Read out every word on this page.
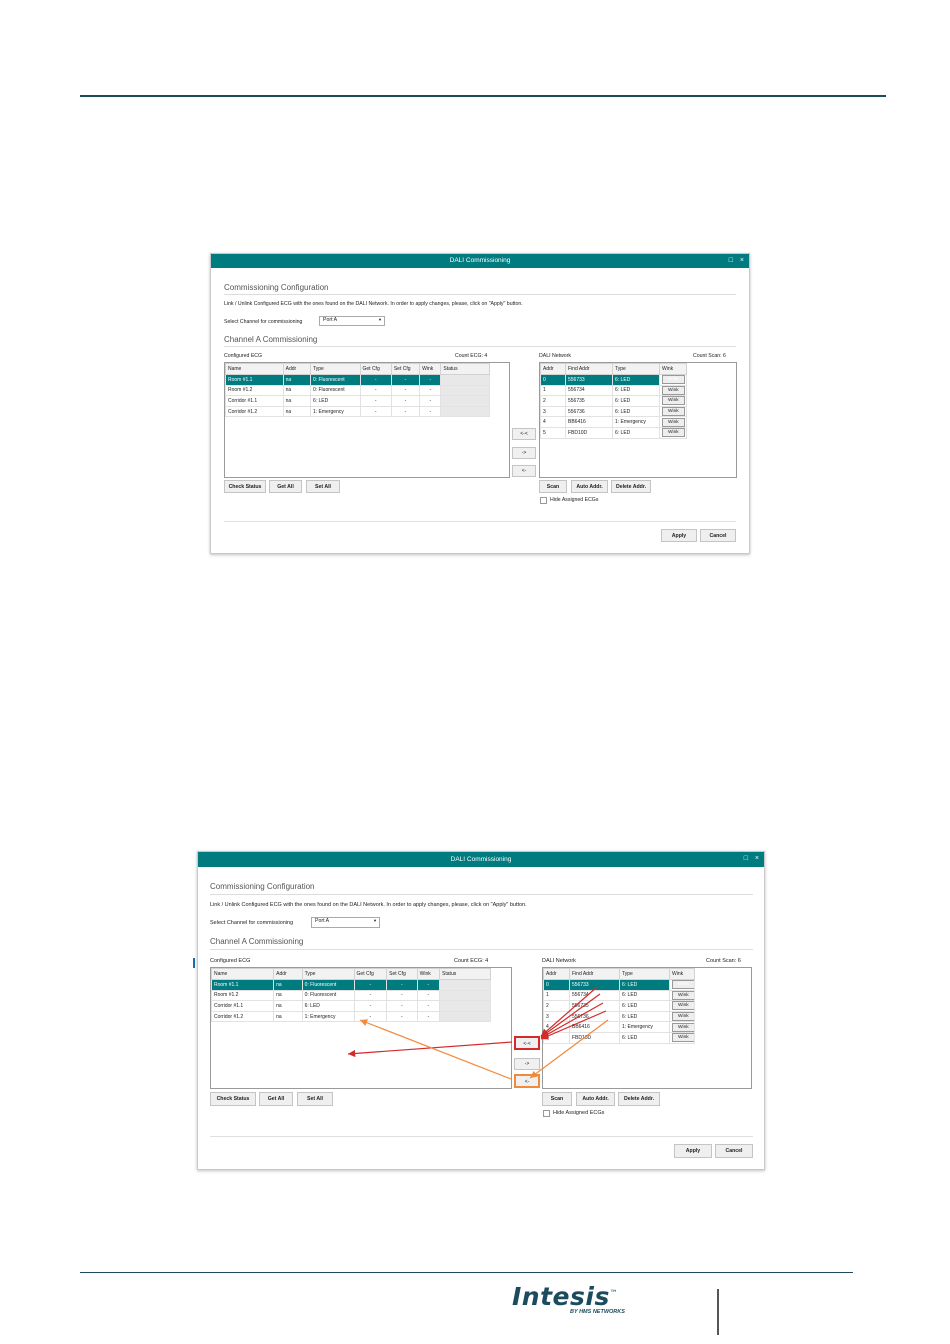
DALI Commissioning	□ ×
Commissioning Configuration
Link / Unlink Configured ECG with the ones found on the DALI Network. In order to apply changes, please, click on "Apply" button.
Select Channel for commissioning	Port A	▼
Channel A Commissioning
Configured ECG	Count ECG: 4	DALI Network	Count Scan: 6
Name	Addr	Type	Get Cfg	Set Cfg	Wink	Status
Room #1.1	na	0: Fluorescent	-	-	-	
Room #1.2	na	0: Fluorescent	-	-	-	
Corridor #1.1	na	6: LED	-	-	-	
Corridor #1.2	na	1: Emergency	-	-	-	
<-<
->
<-
Addr	Find Addr	Type	Wink
0	556733	6: LED	Wink
1	556734	6: LED	Wink
2	556735	6: LED	Wink
3	556736	6: LED	Wink
4	BB6416	1: Emergency	Wink
5	FBD10D	6: LED	Wink
Check Status	Get All	Set All	Scan	Auto Addr.	Delete Addr.
Hide Assigned ECGs
Apply	Cancel
DALI Commissioning	□ ×
Commissioning Configuration
Link / Unlink Configured ECG with the ones found on the DALI Network. In order to apply changes, please, click on "Apply" button.
Select Channel for commissioning	Port A	▼
Channel A Commissioning
Configured ECG	Count ECG: 4	DALI Network	Count Scan: 6
Name	Addr	Type	Get Cfg	Set Cfg	Wink	Status
Room #1.1	na	0: Fluorescent	-	-	-	
Room #1.2	na	0: Fluorescent	-	-	-	
Corridor #1.1	na	6: LED	-	-	-	
Corridor #1.2	na	1: Emergency	-	-	-	
<-<
->
<-
Addr	Find Addr	Type	Wink
0	556733	6: LED	Wink
1	556734	6: LED	Wink
2	556735	6: LED	Wink
3	556736	6: LED	Wink
4	BB6416	1: Emergency	Wink
5	FBD10D	6: LED	Wink
Check Status	Get All	Set All	Scan	Auto Addr.	Delete Addr.
Hide Assigned ECGs
Apply	Cancel
Intesis™
BY HMS NETWORKS
